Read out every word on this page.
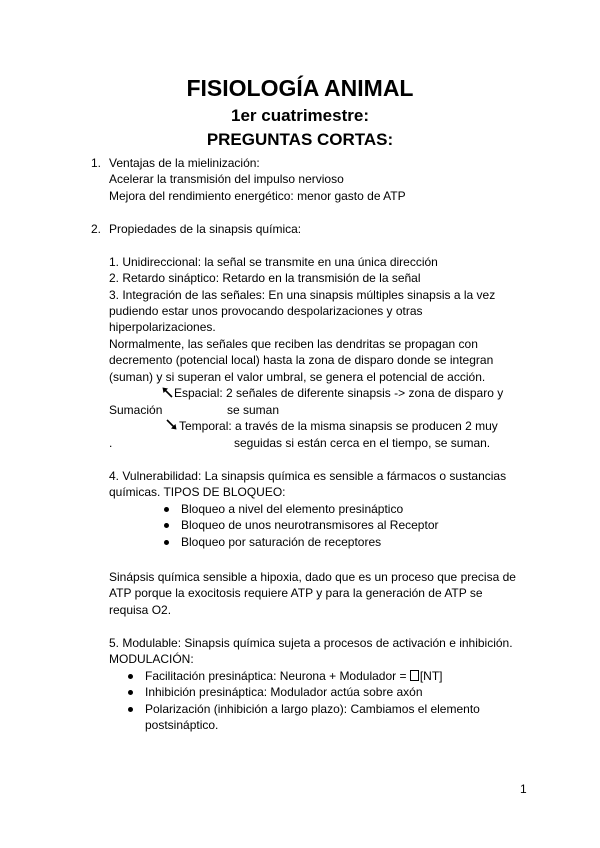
FISIOLOGÍA ANIMAL
1er cuatrimestre:
PREGUNTAS CORTAS:
1. Ventajas de la mielinización:
Acelerar la transmisión del impulso nervioso
Mejora del rendimiento energético: menor gasto de ATP
2. Propiedades de la sinapsis química:
1. Unidireccional: la señal se transmite en una única dirección
2. Retardo sináptico: Retardo en la transmisión de la señal
3. Integración de las señales: En una sinapsis múltiples sinapsis a la vez
pudiendo estar unos provocando despolarizaciones y otras
hiperpolarizaciones.
Normalmente, las señales que reciben las dendritas se propagan con
decremento (potencial local) hasta la zona de disparo donde se integran
(suman) y si superan el valor umbral, se genera el potencial de acción.
Espacial: 2 señales de diferente sinapsis -> zona de disparo y
Sumación	se suman
Temporal: a través de la misma sinapsis se producen 2 muy
.	seguidas si están cerca en el tiempo, se suman.
4. Vulnerabilidad: La sinapsis química es sensible a fármacos o sustancias
químicas. TIPOS DE BLOQUEO:
Bloqueo a nivel del elemento presináptico
Bloqueo de unos neurotransmisores al Receptor
Bloqueo por saturación de receptores
Sinápsis química sensible a hipoxia, dado que es un proceso que precisa de
ATP porque la exocitosis requiere ATP y para la generación de ATP se
requisa O2.
5. Modulable: Sinapsis química sujeta a procesos de activación e inhibición.
MODULACIÓN:
Facilitación presináptica: Neurona + Modulador = [NT]
Inhibición presináptica: Modulador actúa sobre axón
Polarización (inhibición a largo plazo): Cambiamos el elemento
postsináptico.
1
